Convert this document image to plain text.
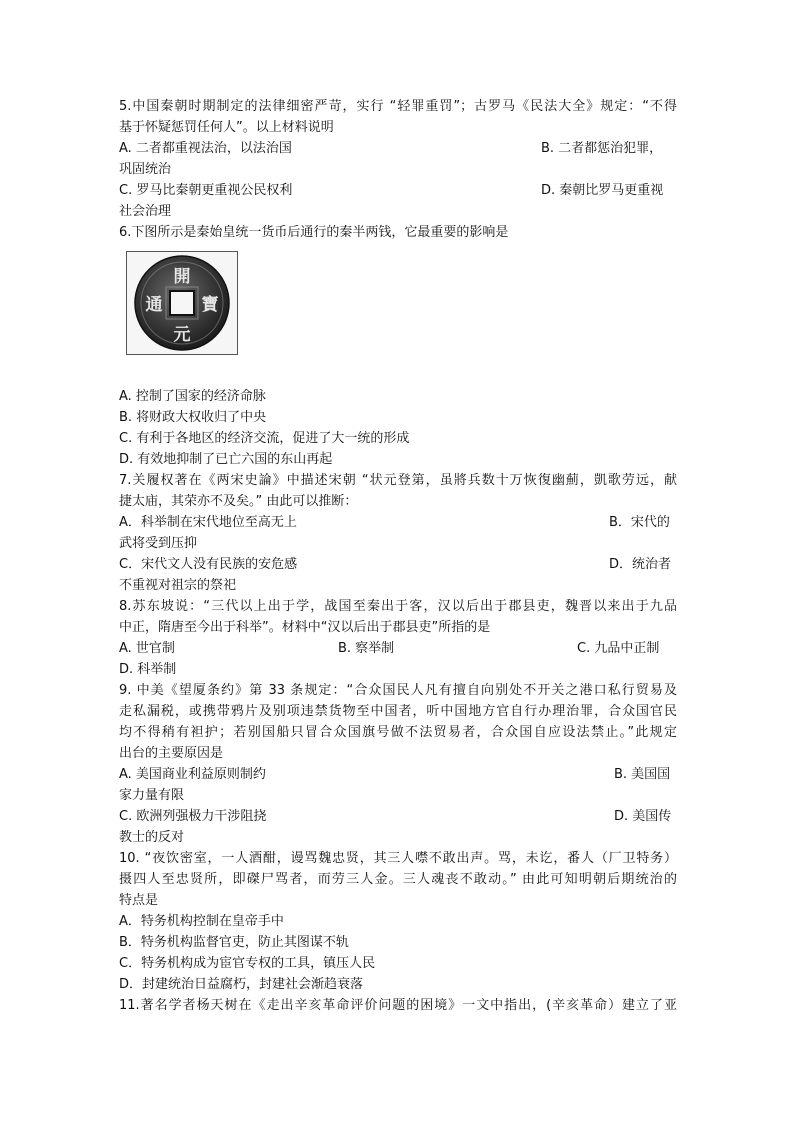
5.中国秦朝时期制定的法律细密严苛，实行 “轻罪重罚”；古罗马《民法大全》规定：“不得
基于怀疑惩罚任何人”。以上材料说明
A. 二者都重视法治，以法治国	B. 二者都惩治犯罪，
巩固统治
C. 罗马比秦朝更重视公民权利	D. 秦朝比罗马更重视
社会治理
6.下图所示是秦始皇统一货币后通行的秦半两钱，它最重要的影响是
開
寶
元
通
A. 控制了国家的经济命脉
B. 将财政大权收归了中央
C. 有利于各地区的经济交流，促进了大一统的形成
D. 有效地抑制了已亡六国的东山再起
7.关履权著在《两宋史論》中描述宋朝 “状元登第，虽將兵数十万恢復幽薊，凱歌劳远，献
捷太庙，其荣亦不及矣。” 由此可以推断：
A．科举制在宋代地位至高无上	B．宋代的
武将受到压抑
C．宋代文人没有民族的安危感	D．统治者
不重视对祖宗的祭祀
8.苏东坡说：“三代以上出于学，战国至秦出于客，汉以后出于郡县吏，魏晋以来出于九品
中正，隋唐至今出于科举”。材料中“汉以后出于郡县吏”所指的是
A. 世官制	B. 察举制	C. 九品中正制
D. 科举制
9. 中美《望厦条约》第 33 条规定：“合众国民人凡有擅自向别处不开关之港口私行贸易及
走私漏税，或携带鸦片及别项违禁货物至中国者，听中国地方官自行办理治罪，合众国官民
均不得稍有袒护；若别国船只冒合众国旗号做不法贸易者，合众国自应设法禁止。”此规定
出台的主要原因是
A. 美国商业利益原则制约	B. 美国国
家力量有限
C. 欧洲列强极力干涉阻挠	D. 美国传
教士的反对
10. “夜饮密室，一人酒酣，谩骂魏忠贤，其三人噤不敢出声。骂，未讫，番人（厂卫特务）
摄四人至忠贤所，即磔尸骂者，而劳三人金。三人魂丧不敢动。” 由此可知明朝后期统治的
特点是
A．特务机构控制在皇帝手中
B．特务机构监督官吏，防止其图谋不轨
C．特务机构成为宦官专权的工具，镇压人民
D．封建统治日益腐朽，封建社会渐趋衰落
11.著名学者杨天树在《走出辛亥革命评价问题的困境》一文中指出，(辛亥革命）建立了亚
